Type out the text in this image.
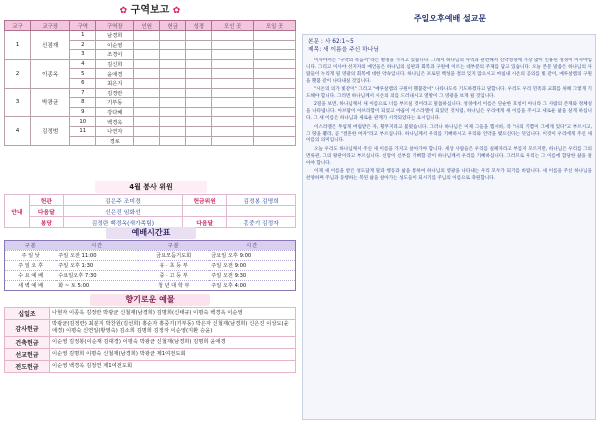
✿ 구역보고 ✿
교구	교구장	구역	구역장	인원	헌금	성경	모인 곳	모일 곳
1	신점재	1	남경희					
		2	이순영					
		3	조경이					
2	이종옥	4	김신희					
		5	윤애경					
		6	최은지					
3	박광균	7	김경란					
		8	기부동					
		9	강다혜					
4	김정범	10	백경옥					
		11	나연자					
			경로					
4월 봉사 위원
안내	헌관	김은주 조미경	헌금위원	김정봉 김명희
	다음달	신은진 임화선		
	봉당	김정란 백경옥(새가족팀)	다음달	홍중기 김정자
예배시간표
구분	시간	구분	시간
주 일 낮	주일 오전 11:00	금요모듬기도회	금요일 오후 9:00
주 일 오 후	주일 오후 1:30	유 · 초 등 부	주일 오전 9:00
수 요 예 배	수요일오후 7:30	중 · 고 등 부	주일 오전 9:30
새 벽 예 배	화 ~ 토 5:00	청 년 대 학 부	주일 오후 4:00
향기로운 예물
십일조	나현자 이종옥 김정란 박광균 신철재(남경희) 김명희(신태규) 이평숙 백경옥 이순영
감사헌금	박광균(김정란) 최분지 박찬원(김선희) 홍순자 홍중기(기부동) 박은자 신철재(남경희) 신은진 이상도(윤애경) 이평숙 신연일(황영숙) 김소희 김명희 김정자 이순영(지환 승윤)
건축헌금	이순영 김정봉(이순재 김대경) 이평숙 박광균 신철재(남경희) 김명희 윤애경
선교헌금	이순영 김명희 이평숙 신철재(남경희) 박광균 제1여전도회
전도헌금	이순영 백경옥 김정연 제1여전도회
주일오후예배 설교문
본문 : 사 62:1~5
제목: 새 이름을 주신 하나님

이사야서는 "구약의 복음서"라는 별명을 가지고 있습니다. 그래서 하나님의 사역과 관련해서 신약성경에 가장 많이 인용된 성경이 이사야입니다. 그리고 이사야 선지자의 예언들은 하나님의 심판과 회복과 구원에 이르는 대부분의 주제를 담고 있습니다. 오늘 본문 말씀은 하나님의 사람들이 누리게 될 영광의 회복에 대한 약속입니다. 하나님은 포로된 백성을 결코 잊지 않으시고 마침내 시온의 공의를 빛 같이, 예루살렘의 구원을 횃불 같이 나타내실 것입니다.

"시온의 의가 빛같이" 그리고 "예루살렘의 구원이 횃불같이" 나타나도록 기도하겠다고 말합니다. 우리도 우리 민족과 교회를 위해 그렇게 기도해야 합니다. 그러면 하나님께서 시온의 의를 드러내시고 열방이 그 영광을 보게 될 것입니다.

2절을 보면, 하나님께서 새 이름으로 너를 부르실 것이라고 말씀하십니다. 성경에서 이름은 단순한 호칭이 아니라 그 사람의 존재와 정체성을 나타냅니다. 아브람이 아브라함이 되었고 야곱이 이스라엘이 되었던 것처럼, 하나님은 우리에게 새 이름을 주시고 새로운 삶을 살게 하십니다. 그 새 이름은 하나님과 새로운 관계가 시작되었다는 표시입니다.

이스라엘은 무섭게 버림받은 자, 황무지라고 불렸습니다. 그러나 하나님은 이제 그들을 헵시바, 즉 "나의 기쁨이 그에게 있다"고 부르시고, 그 땅을 쁄라, 곧 "결혼한 여자"라고 부르십니다. 하나님께서 우리를 기뻐하시고 우리와 언약을 맺으신다는 뜻입니다. 이것이 우리에게 주신 새 이름의 의미입니다.

오늘 우리도 하나님께서 주신 새 이름을 가지고 살아가야 합니다. 세상 사람들은 우리를 실패자라고 부를지 모르지만, 하나님은 우리를 그의 면류관, 그의 왕관이라고 부르십니다. 신랑이 신부를 기뻐함 같이 하나님께서 우리를 기뻐하십니다. 그러므로 우리는 그 이름에 합당한 삶을 살아야 합니다.

이제 새 이름을 받은 성도답게 말과 행동과 삶을 통하여 하나님의 영광을 나타내는 우리 모두가 되기를 바랍니다. 새 이름을 주신 하나님을 찬양하며 주님과 동행하는 복된 삶을 살아가는 성도들이 되시기를 주님의 이름으로 축원합니다.
